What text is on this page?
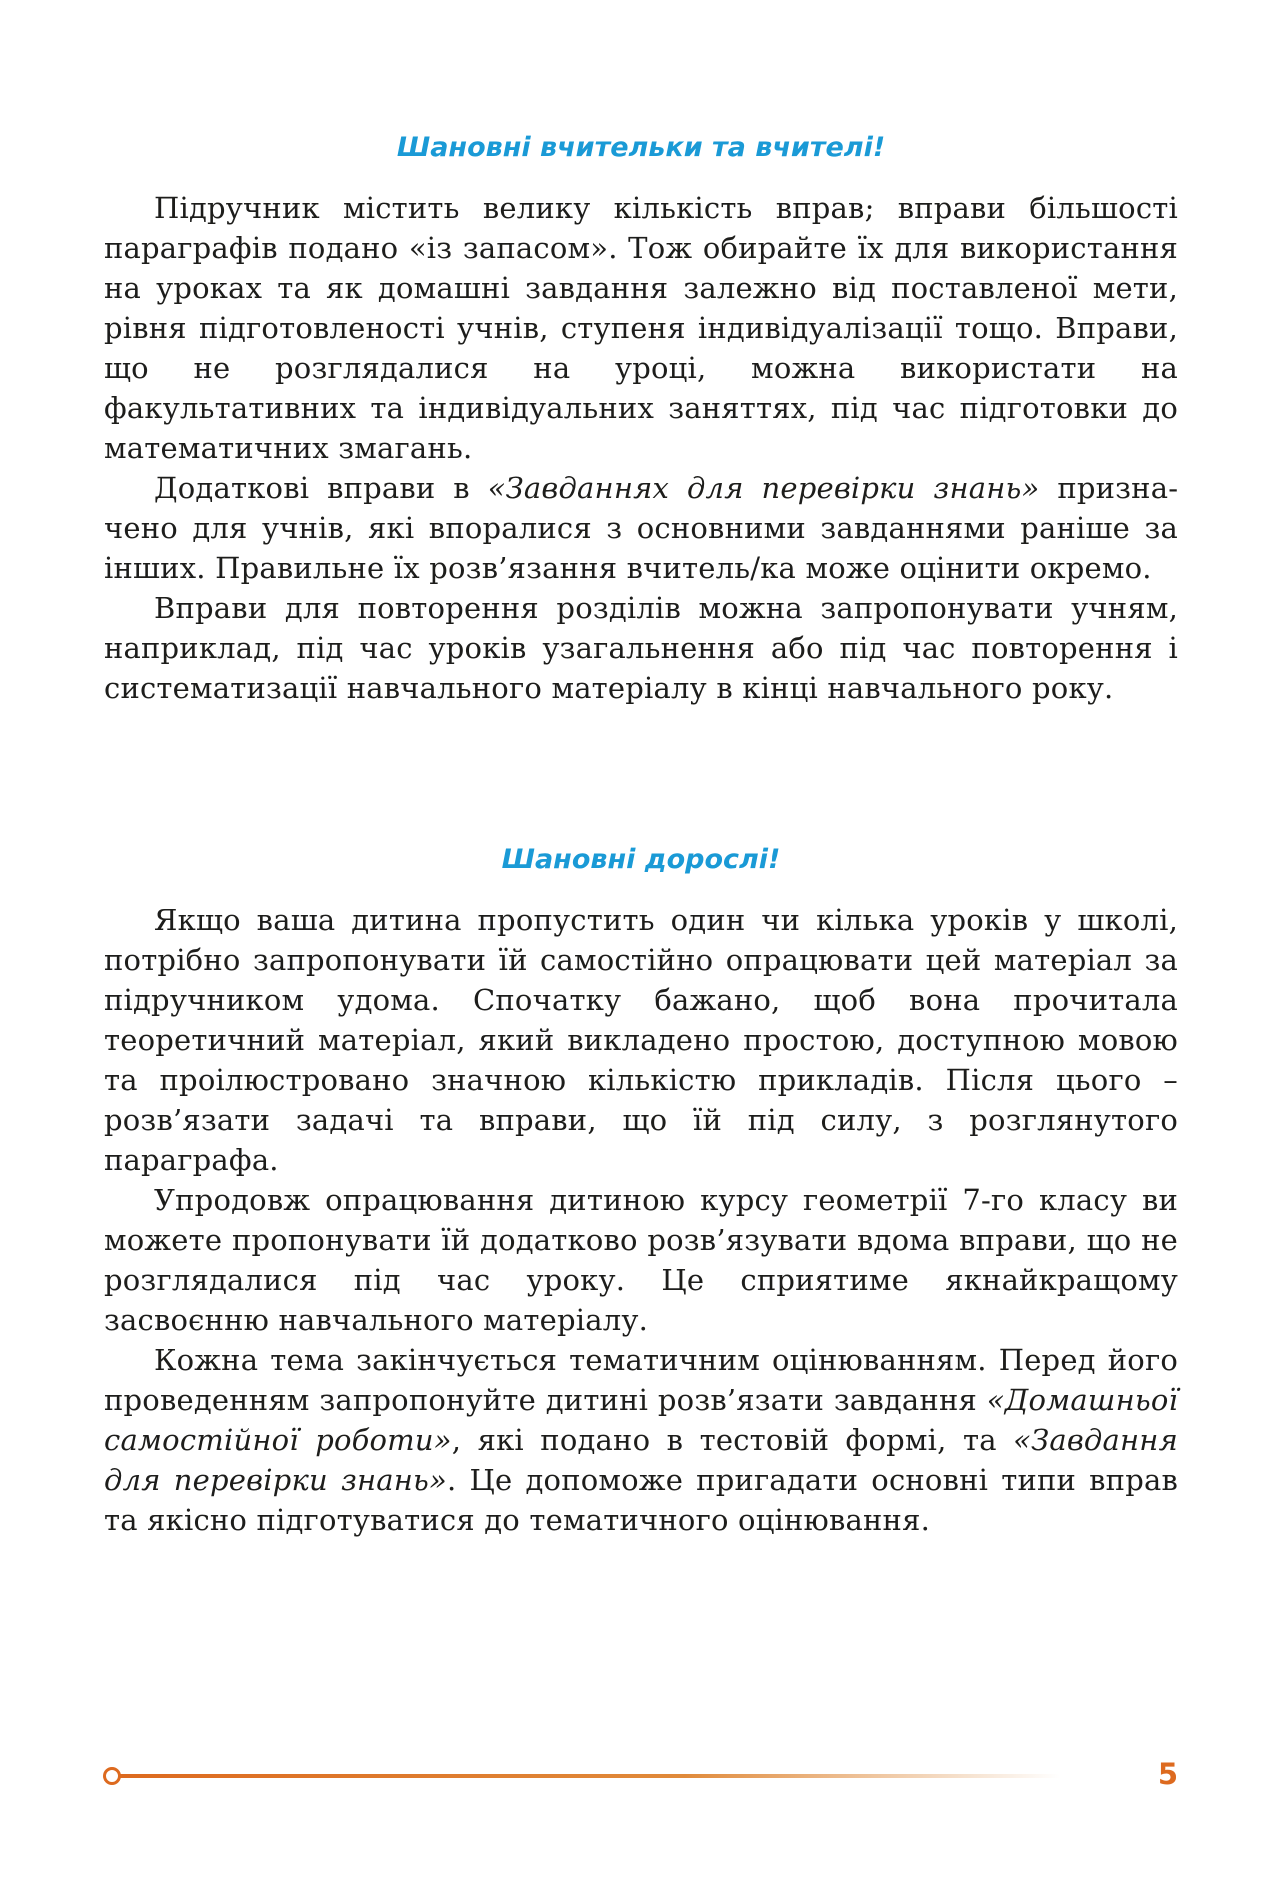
Шановні вчительки та вчителі!

Підручник містить велику кількість вправ; вправи більшості параграфів подано «із запасом». Тож обирайте їх для використання на уроках та як домашні завдання залежно від поставленої мети, рівня підготовленості учнів, ступеня індивідуалізації тощо. Вправи, що не розглядалися на уроці, можна використати на факультативних та індивідуальних заняттях, під час підготовки до математичних змагань.

Додаткові вправи в «Завданнях для перевірки знань» призначено для учнів, які впоралися з основними завданнями раніше за інших. Правильне їх розв’язання вчитель/ка може оцінити окремо.

Вправи для повторення розділів можна запропонувати учням, наприклад, під час уроків узагальнення або під час повторення і систематизації навчального матеріалу в кінці навчального року.

Шановні дорослі!

Якщо ваша дитина пропустить один чи кілька уроків у школі, потрібно запропонувати їй самостійно опрацювати цей матеріал за підручником удома. Спочатку бажано, щоб вона прочитала теоретичний матеріал, який викладено простою, доступною мовою та проілюстровано значною кількістю прикладів. Після цього – розв’язати задачі та вправи, що їй під силу, з розглянутого параграфа.

Упродовж опрацювання дитиною курсу геометрії 7-го класу ви можете пропонувати їй додатково розв’язувати вдома вправи, що не розглядалися під час уроку. Це сприятиме якнайкращому засвоєнню навчального матеріалу.

Кожна тема закінчується тематичним оцінюванням. Перед його проведенням запропонуйте дитині розв’язати завдання «Домашньої самостійної роботи», які подано в тестовій формі, та «Завдання для перевірки знань». Це допоможе пригадати основні типи вправ та якісно підготуватися до тематичного оцінювання.

5
